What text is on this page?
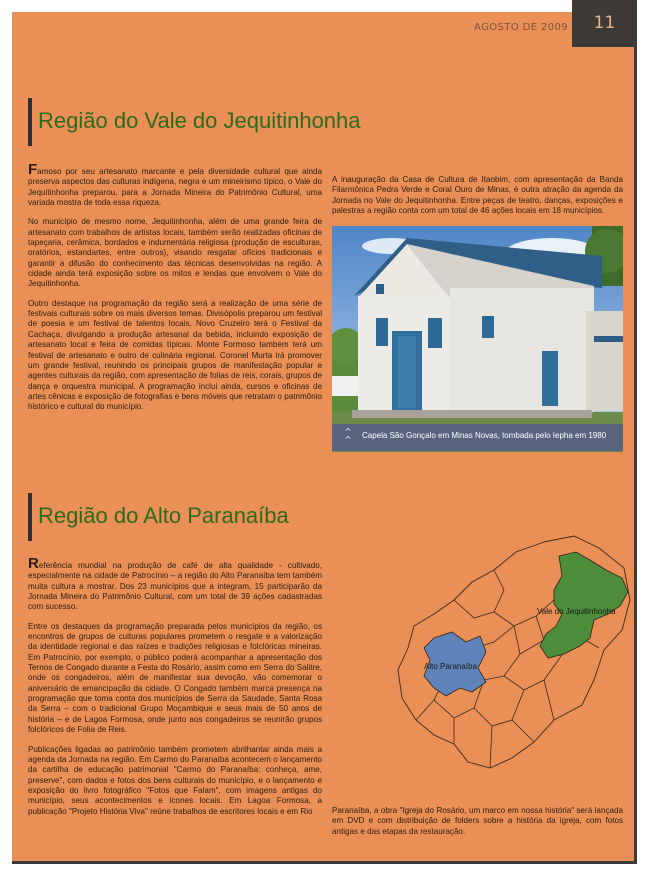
AGOSTO DE 2009	11
Região do Vale do Jequitinhonha

Famoso por seu artesanato marcante e pela diversidade cultural que ainda preserva aspectos das culturas indígena, negra e um mineirismo típico, o Vale do Jequitinhonha preparou, para a Jornada Mineira do Patrimônio Cultural, uma variada mostra de toda essa riqueza.

No município de mesmo nome, Jequitinhonha, além de uma grande feira de artesanato com trabalhos de artistas locais, também serão realizadas oficinas de tapeçaria, cerâmica, bordados e indumentária religiosa (produção de esculturas, oratórios, estandartes, entre outros), visando resgatar ofícios tradicionais e garantir a difusão do conhecimento das técnicas desenvolvidas na região. A cidade ainda terá exposição sobre os mitos e lendas que envolvem o Vale do Jequitinhonha.

Outro destaque na programação da região será a realização de uma série de festivais culturais sobre os mais diversos temas. Divisópolis preparou um festival de poesia e um festival de talentos locais. Novo Cruzeiro terá o Festival da Cachaça, divulgando a produção artesanal da bebida, incluindo exposição de artesanato local e feira de comidas típicas. Monte Formoso também terá um festival de artesanato e outro de culinária regional. Coronel Murta irá promover um grande festival, reunindo os principais grupos de manifestação popular e agentes culturais da região, com apresentação de folias de reis, corais, grupos de dança e orquestra municipal. A programação inclui ainda, cursos e oficinas de artes cênicas e exposição de fotografias e bens móveis que retratam o patrimônio histórico e cultural do município.

A inauguração da Casa de Cultura de Itaobim, com apresentação da Banda Filarmônica Pedra Verde e Coral Ouro de Minas, é outra atração da agenda da Jornada no Vale do Jequitinhonha. Entre peças de teatro, danças, exposições e palestras a região conta com um total de 46 ações locais em 18 municípios.

^
^	Capela São Gonçalo em Minas Novas, tombada pelo Iepha em 1980
Região do Alto Paranaíba

Referência mundial na produção de café de alta qualidade - cultivado, especialmente na cidade de Patrocínio – a região do Alto Paranaíba tem também muita cultura a mostrar. Dos 23 municípios que a integram, 15 participarão da Jornada Mineira do Patrimônio Cultural, com um total de 39 ações cadastradas com sucesso.

Entre os destaques da programação preparada pelos municípios da região, os encontros de grupos de culturas populares prometem o resgate e a valorização da identidade regional e das raízes e tradições religiosas e folclóricas mineiras. Em Patrocínio, por exemplo, o público poderá acompanhar a apresentação dos Ternos de Congado durante a Festa do Rosário, assim como em Serra do Salitre, onde os congadeiros, além de manifestar sua devoção, vão comemorar o aniversário de emancipação da cidade. O Congado também marca presença na programação que toma conta dos municípios de Serra da Saudade, Santa Rosa da Serra – com o tradicional Grupo Moçambique e seus mais de 50 anos de história – e de Lagoa Formosa, onde junto aos congadeiros se reunirão grupos folclóricos de Folia de Reis.

Publicações ligadas ao patrimônio também prometem abrilhantar ainda mais a agenda da Jornada na região. Em Carmo do Paranaíba acontecem o lançamento da cartilha de educação patrimonial "Carmo do Paranaíba: conheça, ame, preserve", com dados e fotos dos bens culturais do município, e o lançamento e exposição do livro fotográfico "Fotos que Falam", com imagens antigas do município, seus acontecimentos e ícones locais. Em Lagoa Formosa, a publicação "Projeto História Viva" reúne trabalhos de escritores locais e em Rio

Vale do Jequitinhonha
Alto Paranaíba

Paranaíba, a obra "Igreja do Rosário, um marco em nossa história" será lançada em DVD e com distribuição de folders sobre a história da igreja, com fotos antigas e das etapas da restauração.
